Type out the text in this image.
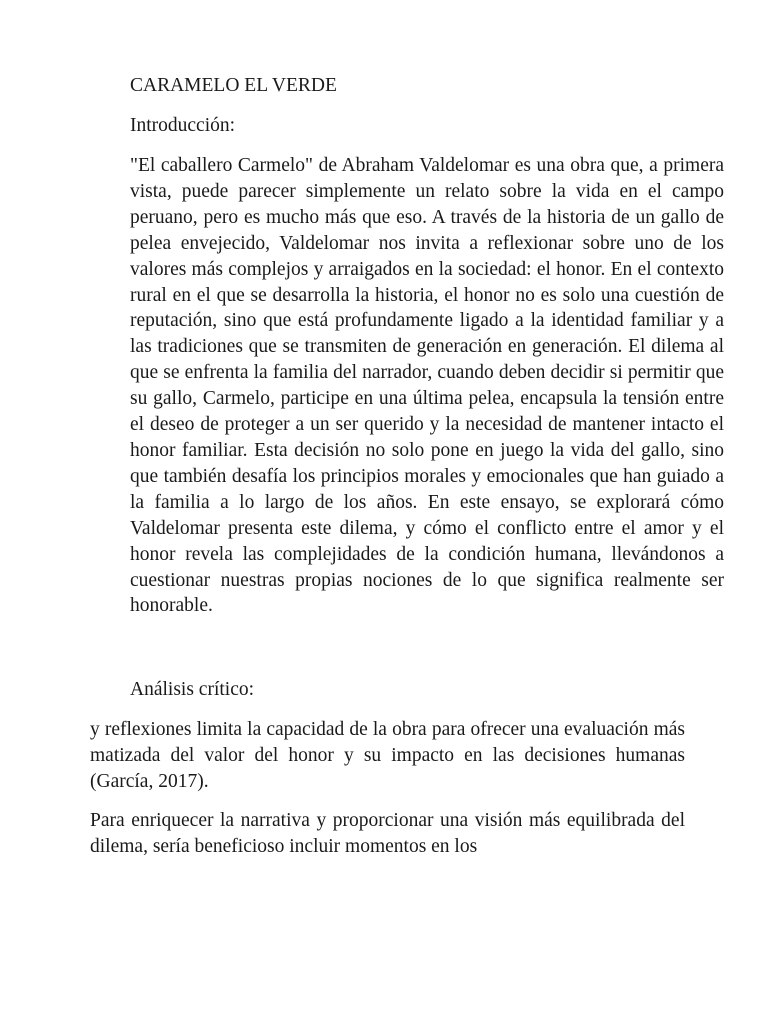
CARAMELO EL VERDE

Introducción:

"El caballero Carmelo" de Abraham Valdelomar es una obra que, a primera vista, puede parecer simplemente un relato sobre la vida en el campo peruano, pero es mucho más que eso. A través de la historia de un gallo de pelea envejecido, Valdelomar nos invita a reflexionar sobre uno de los valores más complejos y arraigados en la sociedad: el honor. En el contexto rural en el que se desarrolla la historia, el honor no es solo una cuestión de reputación, sino que está profundamente ligado a la identidad familiar y a las tradiciones que se transmiten de generación en generación. El dilema al que se enfrenta la familia del narrador, cuando deben decidir si permitir que su gallo, Carmelo, participe en una última pelea, encapsula la tensión entre el deseo de proteger a un ser querido y la necesidad de mantener intacto el honor familiar. Esta decisión no solo pone en juego la vida del gallo, sino que también desafía los principios morales y emocionales que han guiado a la familia a lo largo de los años. En este ensayo, se explorará cómo Valdelomar presenta este dilema, y cómo el conflicto entre el amor y el honor revela las complejidades de la condición humana, llevándonos a cuestionar nuestras propias nociones de lo que significa realmente ser honorable.

Análisis crítico:

y reflexiones limita la capacidad de la obra para ofrecer una evaluación más matizada del valor del honor y su impacto en las decisiones humanas (García, 2017).

Para enriquecer la narrativa y proporcionar una visión más equilibrada del dilema, sería beneficioso incluir momentos en los
